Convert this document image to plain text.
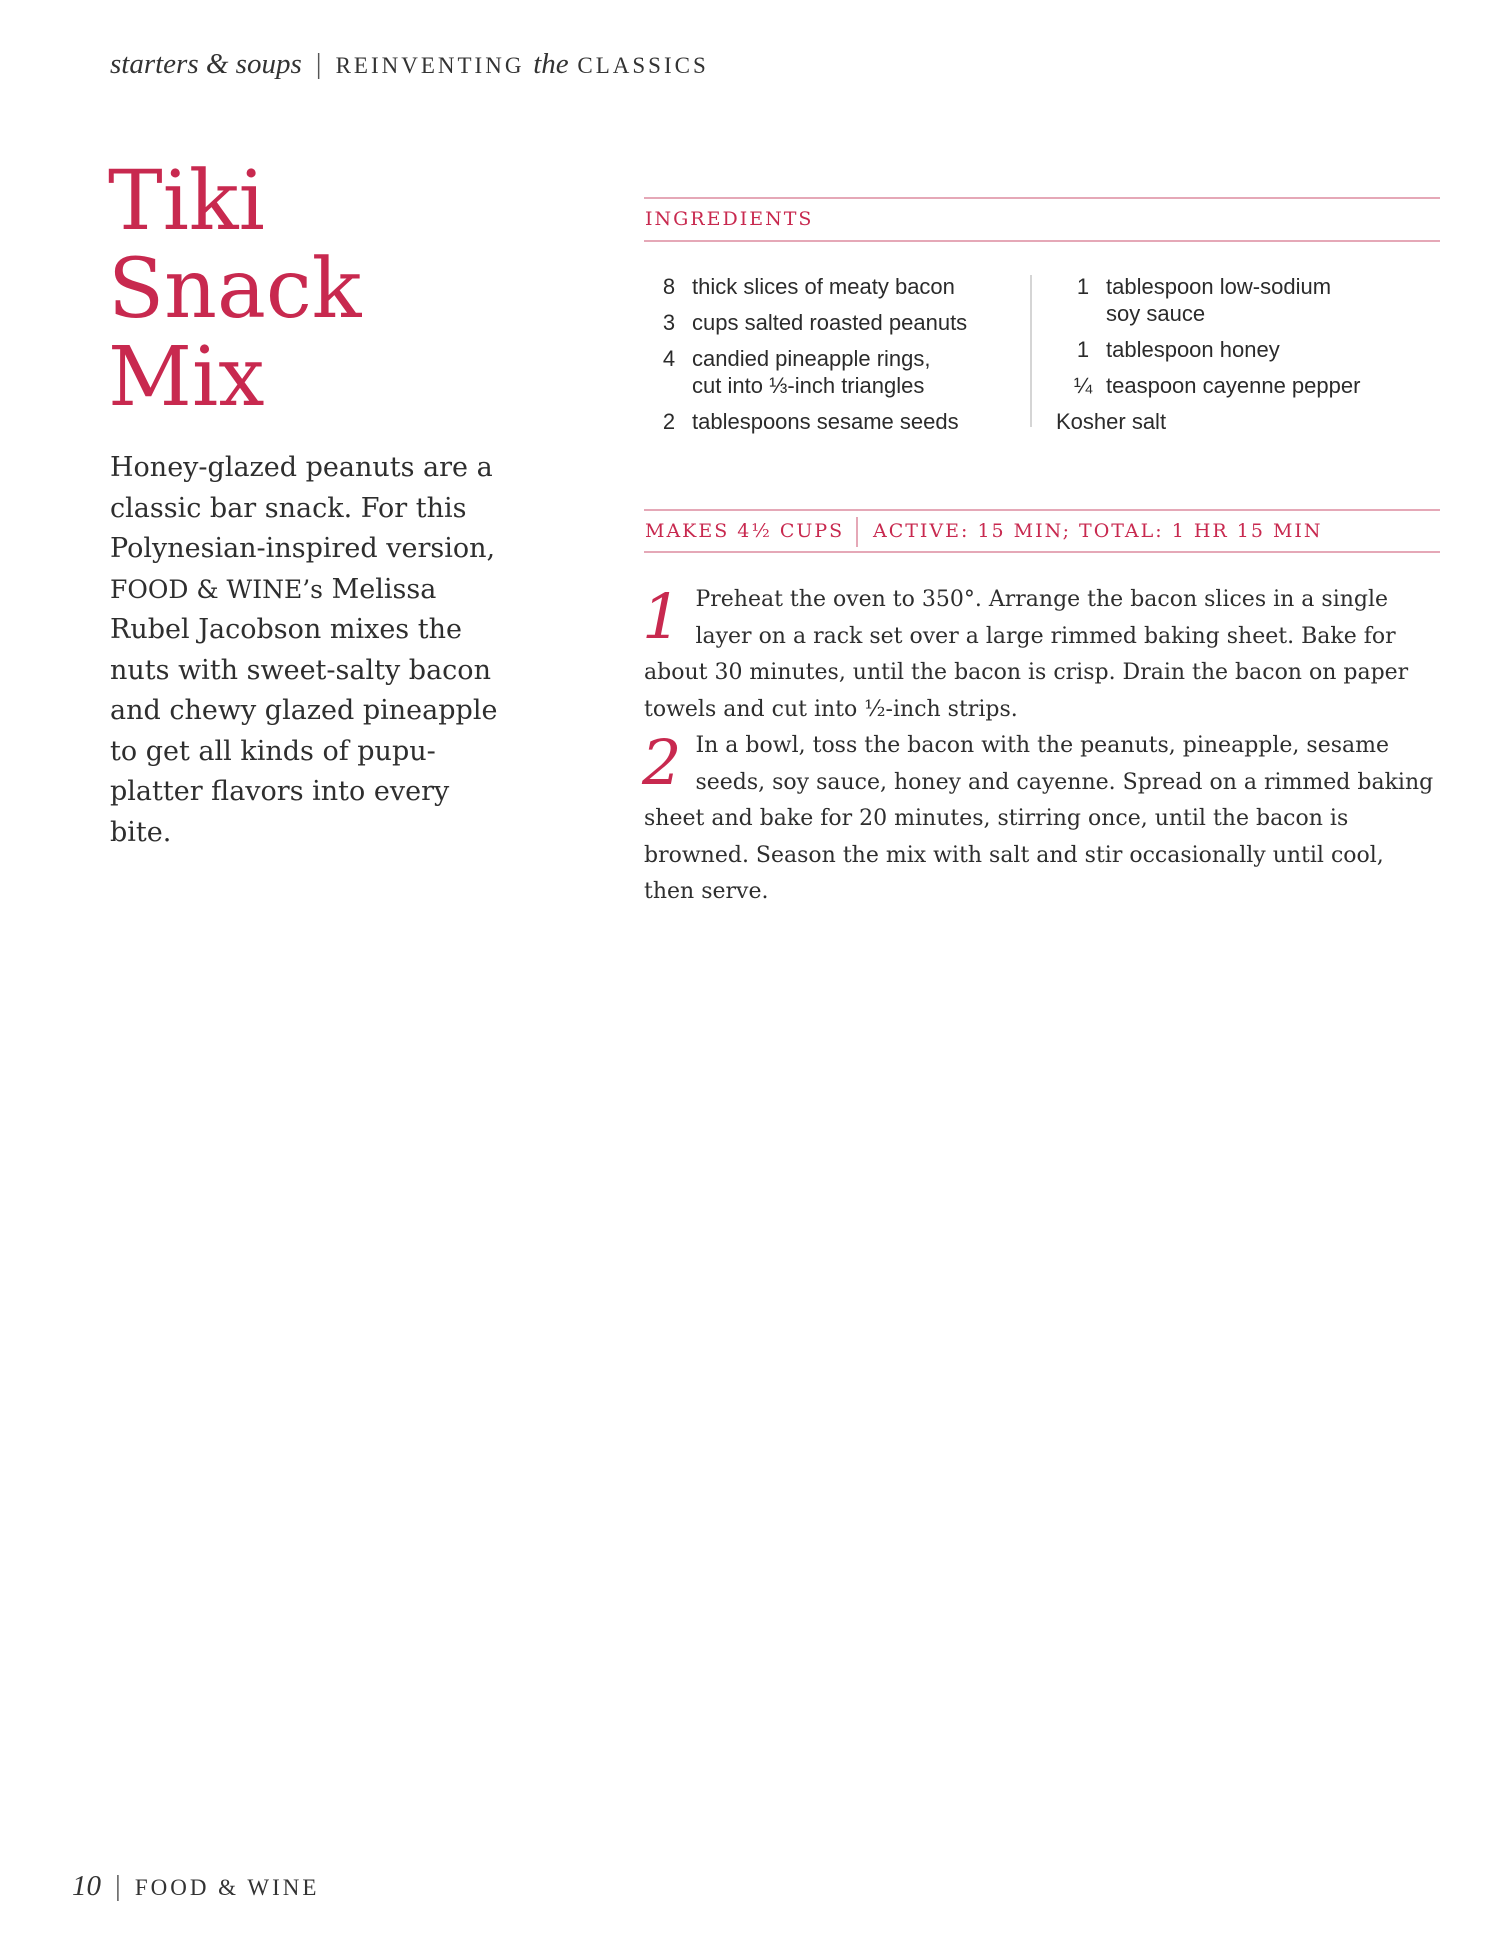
starters & soups | REINVENTING the CLASSICS
Tiki
Snack
Mix

Honey-glazed peanuts are a classic bar snack. For this Polynesian-inspired version, FOOD & WINE’s Melissa Rubel Jacobson mixes the nuts with sweet-salty bacon and chewy glazed pineapple to get all kinds of pupu-platter flavors into every bite.

INGREDIENTS
8 thick slices of meaty bacon
3 cups salted roasted peanuts
4 candied pineapple rings,
cut into ⅓-inch triangles
2 tablespoons sesame seeds
1 tablespoon low-sodium
soy sauce
1 tablespoon honey
¼ teaspoon cayenne pepper
Kosher salt
MAKES 4½ CUPS ACTIVE: 15 MIN; TOTAL: 1 HR 15 MIN

1 Preheat the oven to 350°. Arrange the bacon slices in a single layer on a rack set over a large rimmed baking sheet. Bake for about 30 minutes, until the bacon is crisp. Drain the bacon on paper towels and cut into ½-inch strips.

2 In a bowl, toss the bacon with the peanuts, pineapple, sesame seeds, soy sauce, honey and cayenne. Spread on a rimmed baking sheet and bake for 20 minutes, stirring once, until the bacon is browned. Season the mix with salt and stir occasionally until cool, then serve.

10 | FOOD & WINE
